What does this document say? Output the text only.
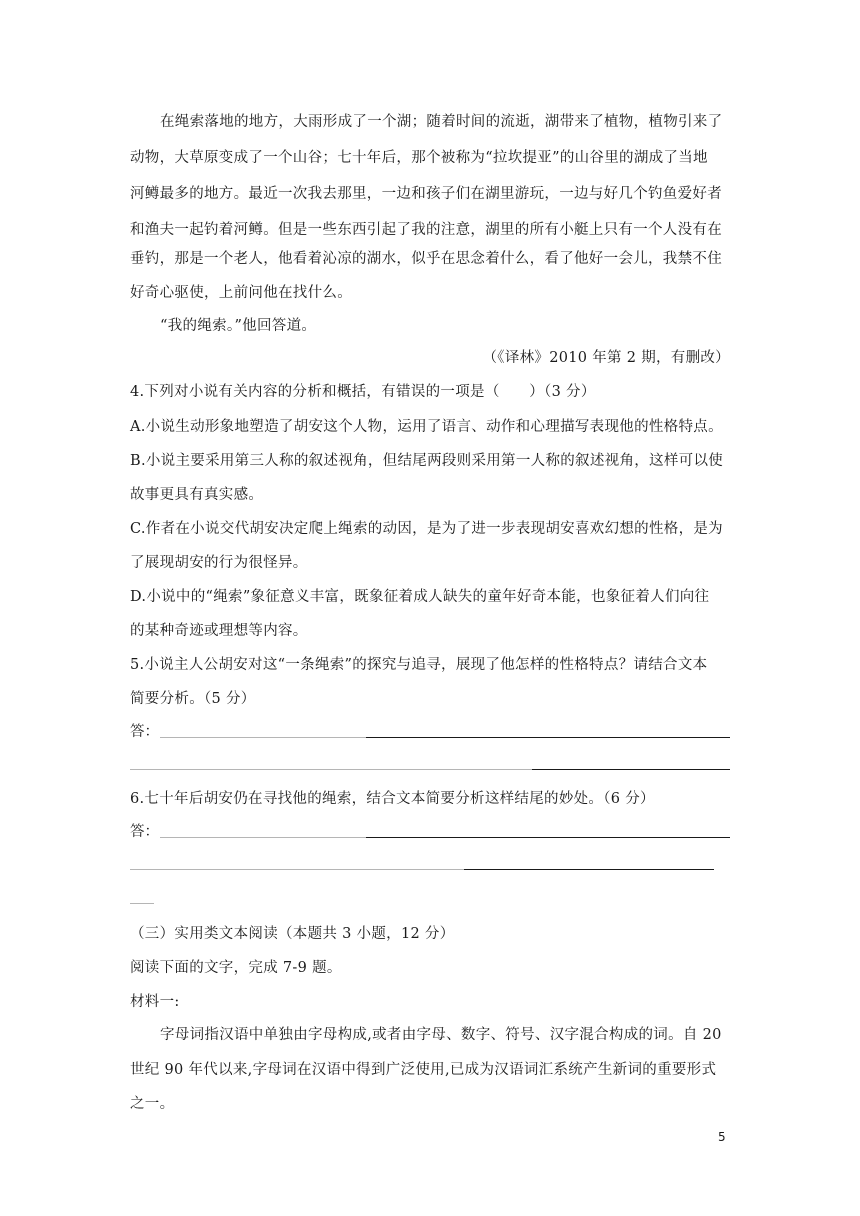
在绳索落地的地方，大雨形成了一个湖；随着时间的流逝，湖带来了植物，植物引来了
动物，大草原变成了一个山谷；七十年后，那个被称为“拉坎提亚”的山谷里的湖成了当地
河鳟最多的地方。最近一次我去那里，一边和孩子们在湖里游玩，一边与好几个钓鱼爱好者
和渔夫一起钓着河鳟。但是一些东西引起了我的注意，湖里的所有小艇上只有一个人没有在
垂钓，那是一个老人，他看着沁凉的湖水，似乎在思念着什么，看了他好一会儿，我禁不住
好奇心驱使，上前问他在找什么。
“我的绳索。”他回答道。
（《译林》2010 年第 2 期，有删改）
4.下列对小说有关内容的分析和概括，有错误的一项是（　　）（3 分）
A.小说生动形象地塑造了胡安这个人物，运用了语言、动作和心理描写表现他的性格特点。
B.小说主要采用第三人称的叙述视角，但结尾两段则采用第一人称的叙述视角，这样可以使
故事更具有真实感。
C.作者在小说交代胡安决定爬上绳索的动因，是为了进一步表现胡安喜欢幻想的性格，是为
了展现胡安的行为很怪异。
D.小说中的“绳索”象征意义丰富，既象征着成人缺失的童年好奇本能，也象征着人们向往
的某种奇迹或理想等内容。
5.小说主人公胡安对这“一条绳索”的探究与追寻，展现了他怎样的性格特点？请结合文本
简要分析。（5 分）
答：
6.七十年后胡安仍在寻找他的绳索，结合文本简要分析这样结尾的妙处。（6 分）
答：
（三）实用类文本阅读（本题共 3 小题，12 分）
阅读下面的文字，完成 7-9 题。
材料一:
字母词指汉语中单独由字母构成,或者由字母、数字、符号、汉字混合构成的词。自 20
世纪 90 年代以来,字母词在汉语中得到广泛使用,已成为汉语词汇系统产生新词的重要形式
之一。
5
